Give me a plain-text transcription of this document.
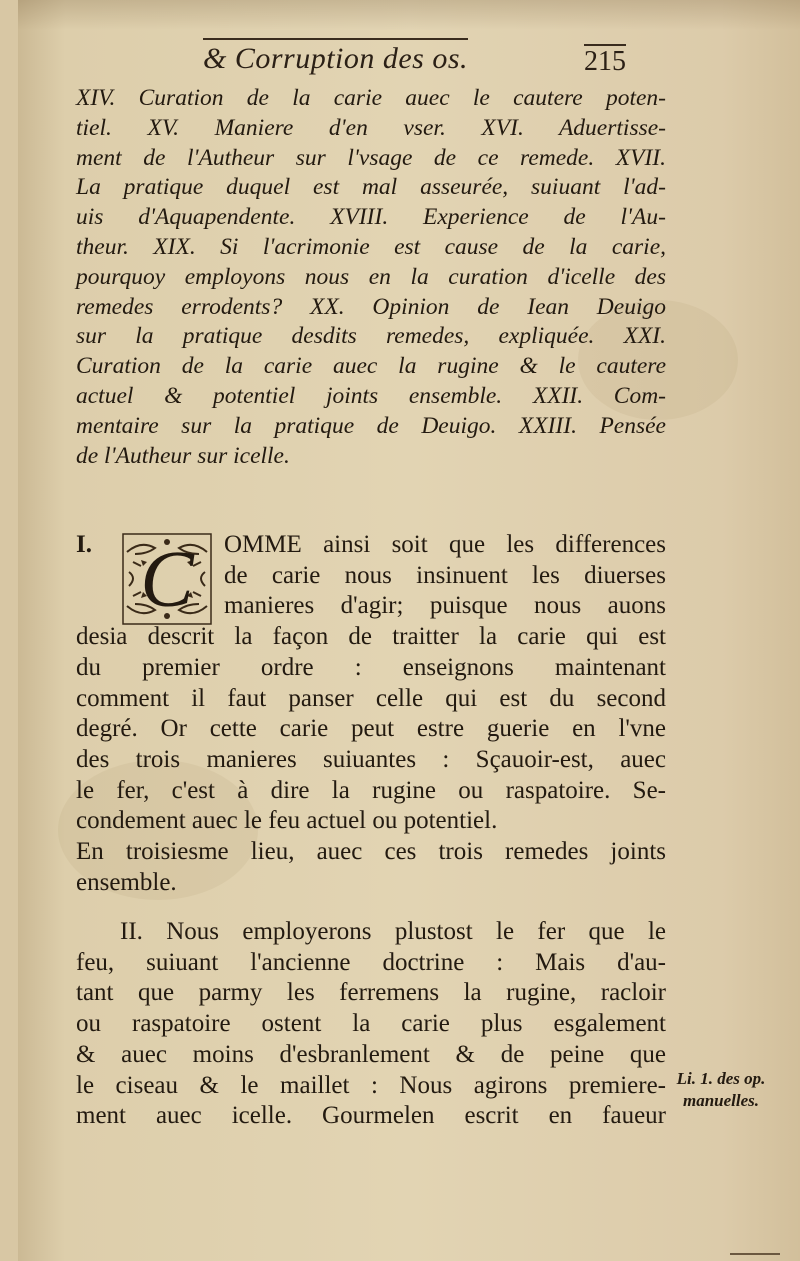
& Corruption des os.	215
XIV. Curation de la carie auec le cautere poten-
tiel. XV. Maniere d'en vser. XVI. Aduertisse-
ment de l'Autheur sur l'vsage de ce remede. XVII.
La pratique duquel est mal asseurée, suiuant l'ad-
uis d'Aquapendente. XVIII. Experience de l'Au-
theur. XIX. Si l'acrimonie est cause de la carie,
pourquoy employons nous en la curation d'icelle des
remedes errodents? XX. Opinion de Iean Deuigo
sur la pratique desdits remedes, expliquée. XXI.
Curation de la carie auec la rugine & le cautere
actuel & potentiel joints ensemble. XXII. Com-
mentaire sur la pratique de Deuigo. XXIII. Pensée
de l'Autheur sur icelle.
C
I.	OMME ainsi soit que les differences
de carie nous insinuent les diuerses
manieres d'agir; puisque nous auons
desia descrit la façon de traitter la carie qui est
du premier ordre : enseignons maintenant
comment il faut panser celle qui est du second
degré. Or cette carie peut estre guerie en l'vne
des trois manieres suiuantes : Sçauoir-est, auec
le fer, c'est à dire la rugine ou raspatoire. Se-
condement auec le feu actuel ou potentiel.
En troisiesme lieu, auec ces trois remedes joints
ensemble.
II. Nous employerons plustost le fer que le
feu, suiuant l'ancienne doctrine : Mais d'au-
tant que parmy les ferremens la rugine, racloir
ou raspatoire ostent la carie plus esgalement
& auec moins d'esbranlement & de peine que
le ciseau & le maillet : Nous agirons premiere-
ment auec icelle. Gourmelen escrit en faueur
Li. 1. des op.
manuelles.
